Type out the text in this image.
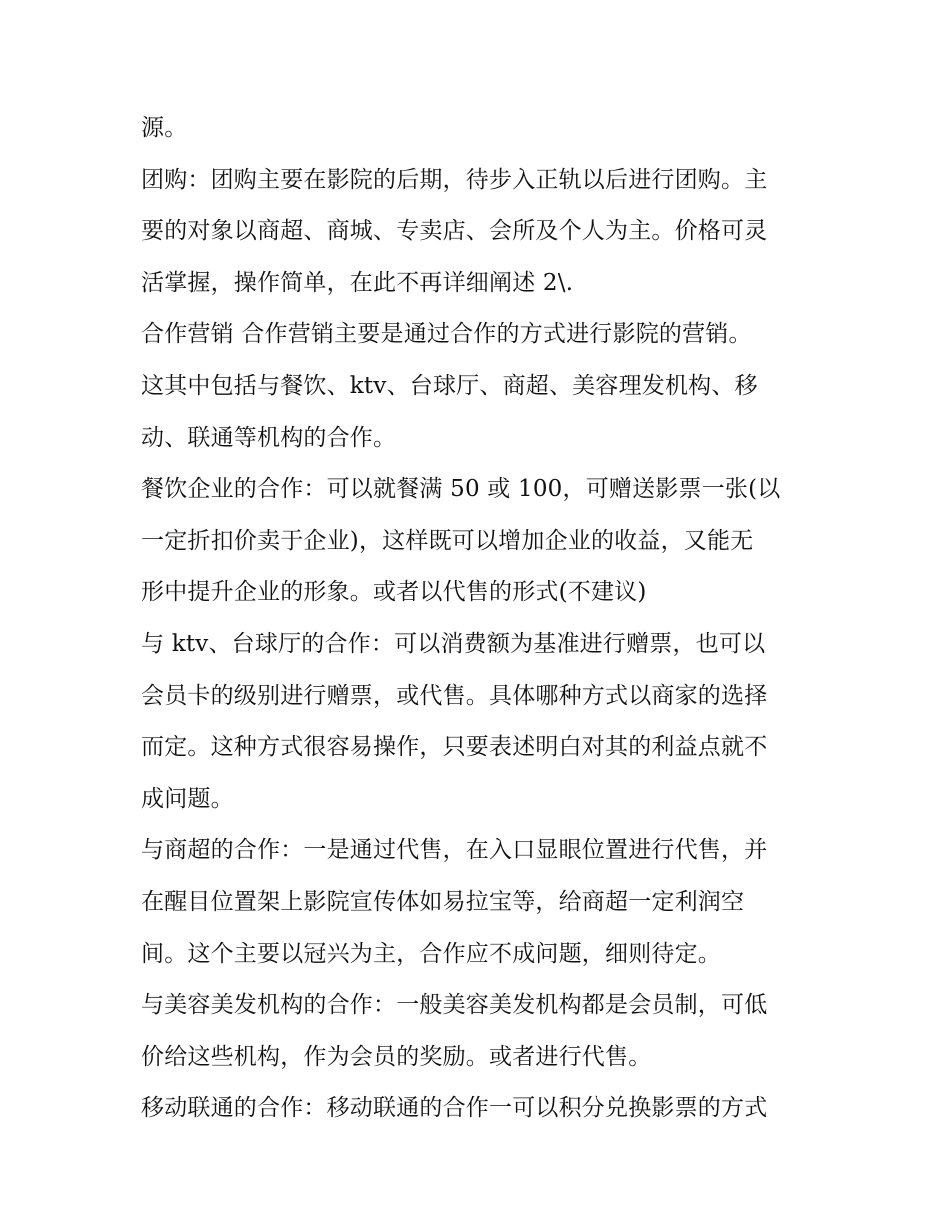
源。
团购：团购主要在影院的后期，待步入正轨以后进行团购。主
要的对象以商超、商城、专卖店、会所及个人为主。价格可灵
活掌握，操作简单，在此不再详细阐述 2\.
合作营销 合作营销主要是通过合作的方式进行影院的营销。
这其中包括与餐饮、ktv、台球厅、商超、美容理发机构、移
动、联通等机构的合作。
餐饮企业的合作：可以就餐满 50 或 100，可赠送影票一张(以
一定折扣价卖于企业)，这样既可以增加企业的收益，又能无
形中提升企业的形象。或者以代售的形式(不建议)
与 ktv、台球厅的合作：可以消费额为基准进行赠票，也可以
会员卡的级别进行赠票，或代售。具体哪种方式以商家的选择
而定。这种方式很容易操作，只要表述明白对其的利益点就不
成问题。
与商超的合作：一是通过代售，在入口显眼位置进行代售，并
在醒目位置架上影院宣传体如易拉宝等，给商超一定利润空
间。这个主要以冠兴为主，合作应不成问题，细则待定。
与美容美发机构的合作：一般美容美发机构都是会员制，可低
价给这些机构，作为会员的奖励。或者进行代售。
移动联通的合作：移动联通的合作一可以积分兑换影票的方式
